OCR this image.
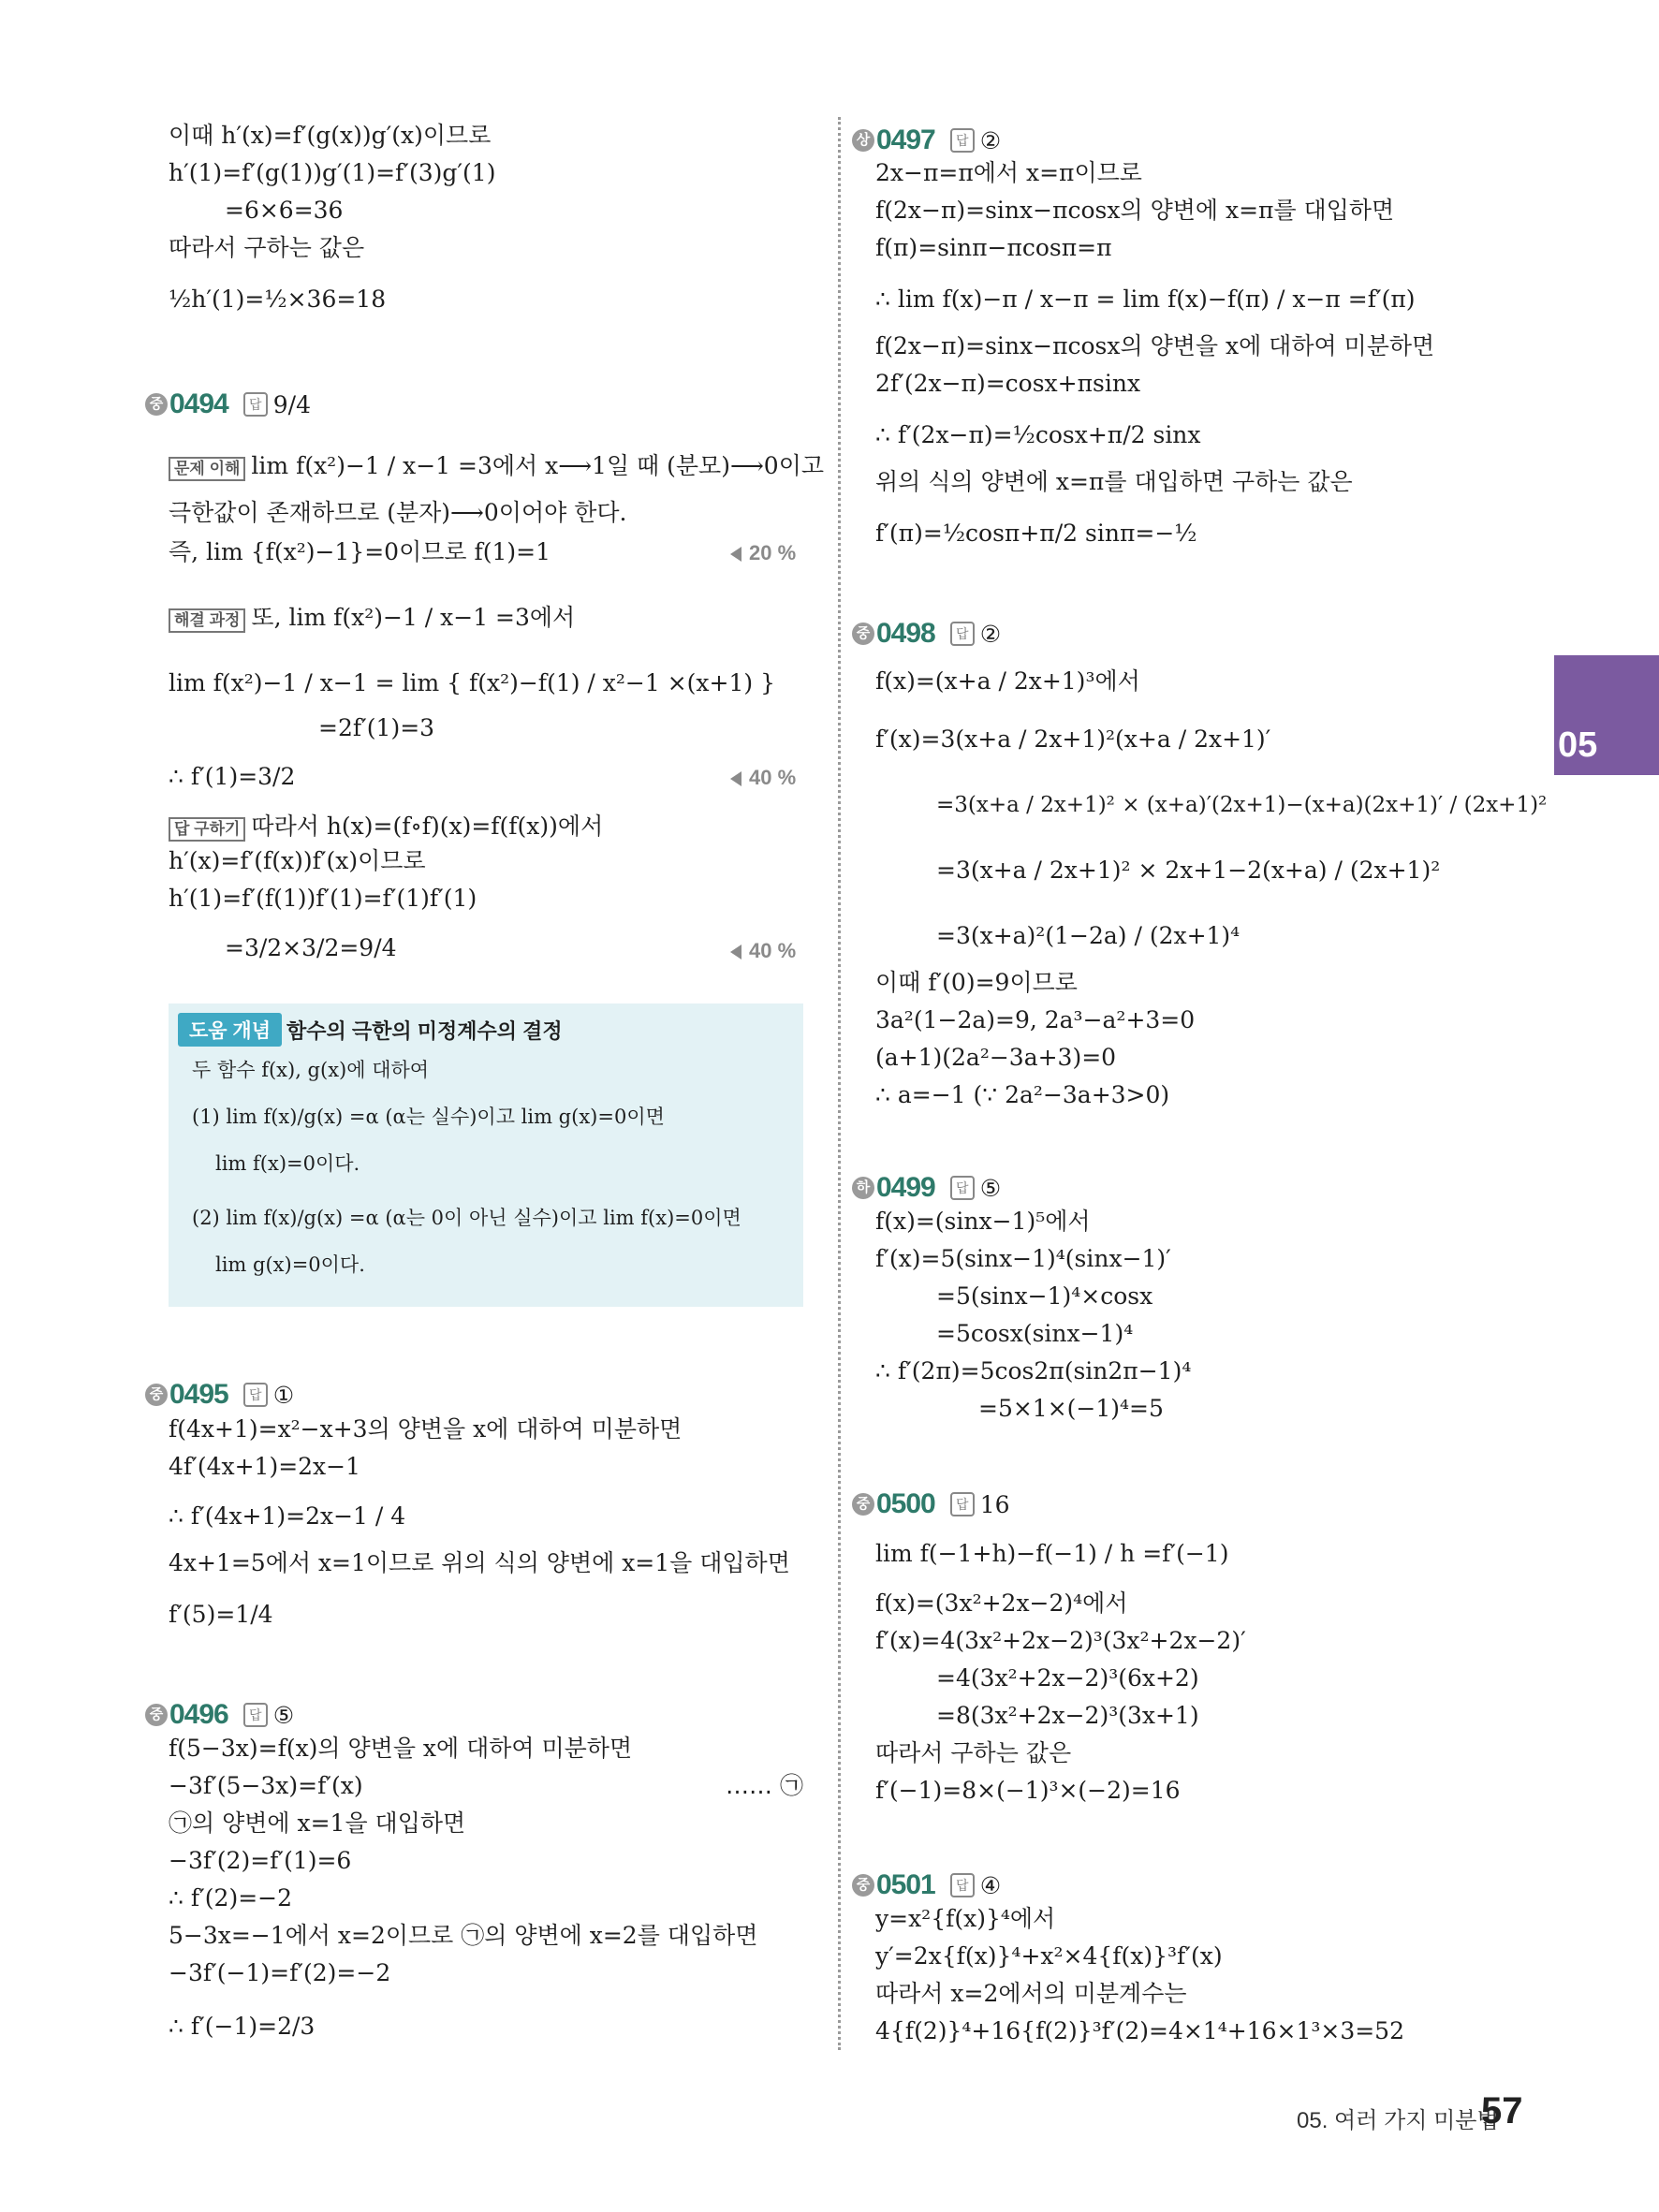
이때 h′(x)=f′(g(x))g′(x)이므로
h′(1)=f′(g(1))g′(1)=f′(3)g′(1)
=6×6=36
따라서 구하는 값은
½h′(1)=½×36=18
중 0494 답 9/4
문제 이해 lim f(x²)−1 / x−1 =3에서 x⟶1일 때 (분모)⟶0이고
극한값이 존재하므로 (분자)⟶0이어야 한다.
즉, lim {f(x²)−1}=0이므로 f(1)=1	20 %
해결 과정 또, lim f(x²)−1 / x−1 =3에서
lim f(x²)−1 / x−1 = lim { f(x²)−f(1) / x²−1 ×(x+1) }
=2f′(1)=3
∴ f′(1)=3/2	40 %
답 구하기 따라서 h(x)=(f∘f)(x)=f(f(x))에서
h′(x)=f′(f(x))f′(x)이므로
h′(1)=f′(f(1))f′(1)=f′(1)f′(1)
=3/2×3/2=9/4	40 %
도움 개념 함수의 극한의 미정계수의 결정
두 함수 f(x), g(x)에 대하여
(1) lim f(x)/g(x) =α (α는 실수)이고 lim g(x)=0이면
lim f(x)=0이다.
(2) lim f(x)/g(x) =α (α는 0이 아닌 실수)이고 lim f(x)=0이면
lim g(x)=0이다.
중 0495 답 ①
f(4x+1)=x²−x+3의 양변을 x에 대하여 미분하면
4f′(4x+1)=2x−1
∴ f′(4x+1)=2x−1 / 4
4x+1=5에서 x=1이므로 위의 식의 양변에 x=1을 대입하면
f′(5)=1/4
중 0496 답 ⑤
f(5−3x)=f(x)의 양변을 x에 대하여 미분하면
−3f′(5−3x)=f′(x)	…… ㉠
㉠의 양변에 x=1을 대입하면
−3f′(2)=f′(1)=6
∴ f′(2)=−2
5−3x=−1에서 x=2이므로 ㉠의 양변에 x=2를 대입하면
−3f′(−1)=f′(2)=−2
∴ f′(−1)=2/3
상 0497 답 ②
2x−π=π에서 x=π이므로
f(2x−π)=sinx−πcosx의 양변에 x=π를 대입하면
f(π)=sinπ−πcosπ=π
∴ lim f(x)−π / x−π = lim f(x)−f(π) / x−π =f′(π)
f(2x−π)=sinx−πcosx의 양변을 x에 대하여 미분하면
2f′(2x−π)=cosx+πsinx
∴ f′(2x−π)=½cosx+π/2 sinx
위의 식의 양변에 x=π를 대입하면 구하는 값은
f′(π)=½cosπ+π/2 sinπ=−½
중 0498 답 ②
f(x)=(x+a / 2x+1)³에서
f′(x)=3(x+a / 2x+1)²(x+a / 2x+1)′
=3(x+a / 2x+1)² × (x+a)′(2x+1)−(x+a)(2x+1)′ / (2x+1)²
=3(x+a / 2x+1)² × 2x+1−2(x+a) / (2x+1)²
=3(x+a)²(1−2a) / (2x+1)⁴
이때 f′(0)=9이므로
3a²(1−2a)=9, 2a³−a²+3=0
(a+1)(2a²−3a+3)=0
∴ a=−1 (∵ 2a²−3a+3>0)
하 0499 답 ⑤
f(x)=(sinx−1)⁵에서
f′(x)=5(sinx−1)⁴(sinx−1)′
=5(sinx−1)⁴×cosx
=5cosx(sinx−1)⁴
∴ f′(2π)=5cos2π(sin2π−1)⁴
=5×1×(−1)⁴=5
중 0500 답 16
lim f(−1+h)−f(−1) / h =f′(−1)
f(x)=(3x²+2x−2)⁴에서
f′(x)=4(3x²+2x−2)³(3x²+2x−2)′
=4(3x²+2x−2)³(6x+2)
=8(3x²+2x−2)³(3x+1)
따라서 구하는 값은
f′(−1)=8×(−1)³×(−2)=16
중 0501 답 ④
y=x²{f(x)}⁴에서
y′=2x{f(x)}⁴+x²×4{f(x)}³f′(x)
따라서 x=2에서의 미분계수는
4{f(2)}⁴+16{f(2)}³f′(2)=4×1⁴+16×1³×3=52
05
05. 여러 가지 미분법
57
